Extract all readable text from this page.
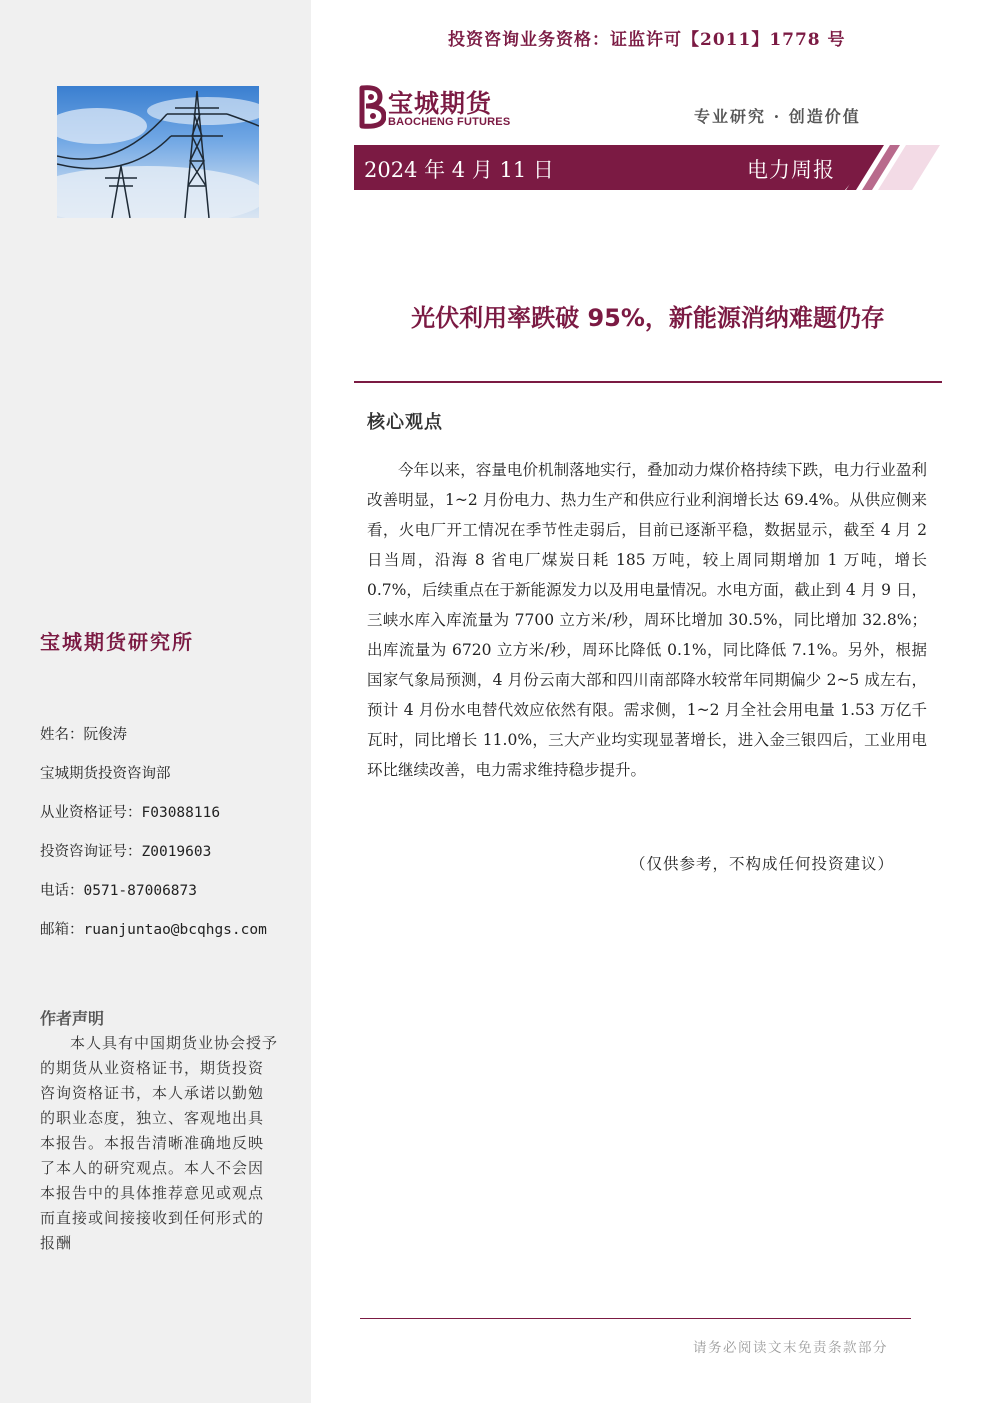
宝城期货研究所
姓名：阮俊涛
宝城期货投资咨询部
从业资格证号：F03088116
投资咨询证号：Z0019603
电话：0571-87006873
邮箱：ruanjuntao@bcqhgs.com
作者声明
本人具有中国期货业协会授予的期货从业资格证书，期货投资咨询资格证书，本人承诺以勤勉的职业态度，独立、客观地出具本报告。本报告清晰准确地反映了本人的研究观点。本人不会因本报告中的具体推荐意见或观点而直接或间接接收到任何形式的报酬
投资咨询业务资格：证监许可【2011】1778 号
宝城期货
BAOCHENG FUTURES	专业研究 · 创造价值
2024 年 4 月 11 日	电力周报
光伏利用率跌破 95%，新能源消纳难题仍存
核心观点
今年以来，容量电价机制落地实行，叠加动力煤价格持续下跌，电力行业盈利改善明显，1~2 月份电力、热力生产和供应行业利润增长达 69.4%。从供应侧来看，火电厂开工情况在季节性走弱后，目前已逐渐平稳，数据显示，截至 4 月 2 日当周，沿海 8 省电厂煤炭日耗 185 万吨，较上周同期增加 1 万吨，增长 0.7%，后续重点在于新能源发力以及用电量情况。水电方面，截止到 4 月 9 日，三峡水库入库流量为 7700 立方米/秒，周环比增加 30.5%，同比增加 32.8%；出库流量为 6720 立方米/秒，周环比降低 0.1%，同比降低 7.1%。另外，根据国家气象局预测，4 月份云南大部和四川南部降水较常年同期偏少 2~5 成左右，预计 4 月份水电替代效应依然有限。需求侧，1~2 月全社会用电量 1.53 万亿千瓦时，同比增长 11.0%，三大产业均实现显著增长，进入金三银四后，工业用电环比继续改善，电力需求维持稳步提升。
（仅供参考，不构成任何投资建议）
请务必阅读文末免责条款部分
